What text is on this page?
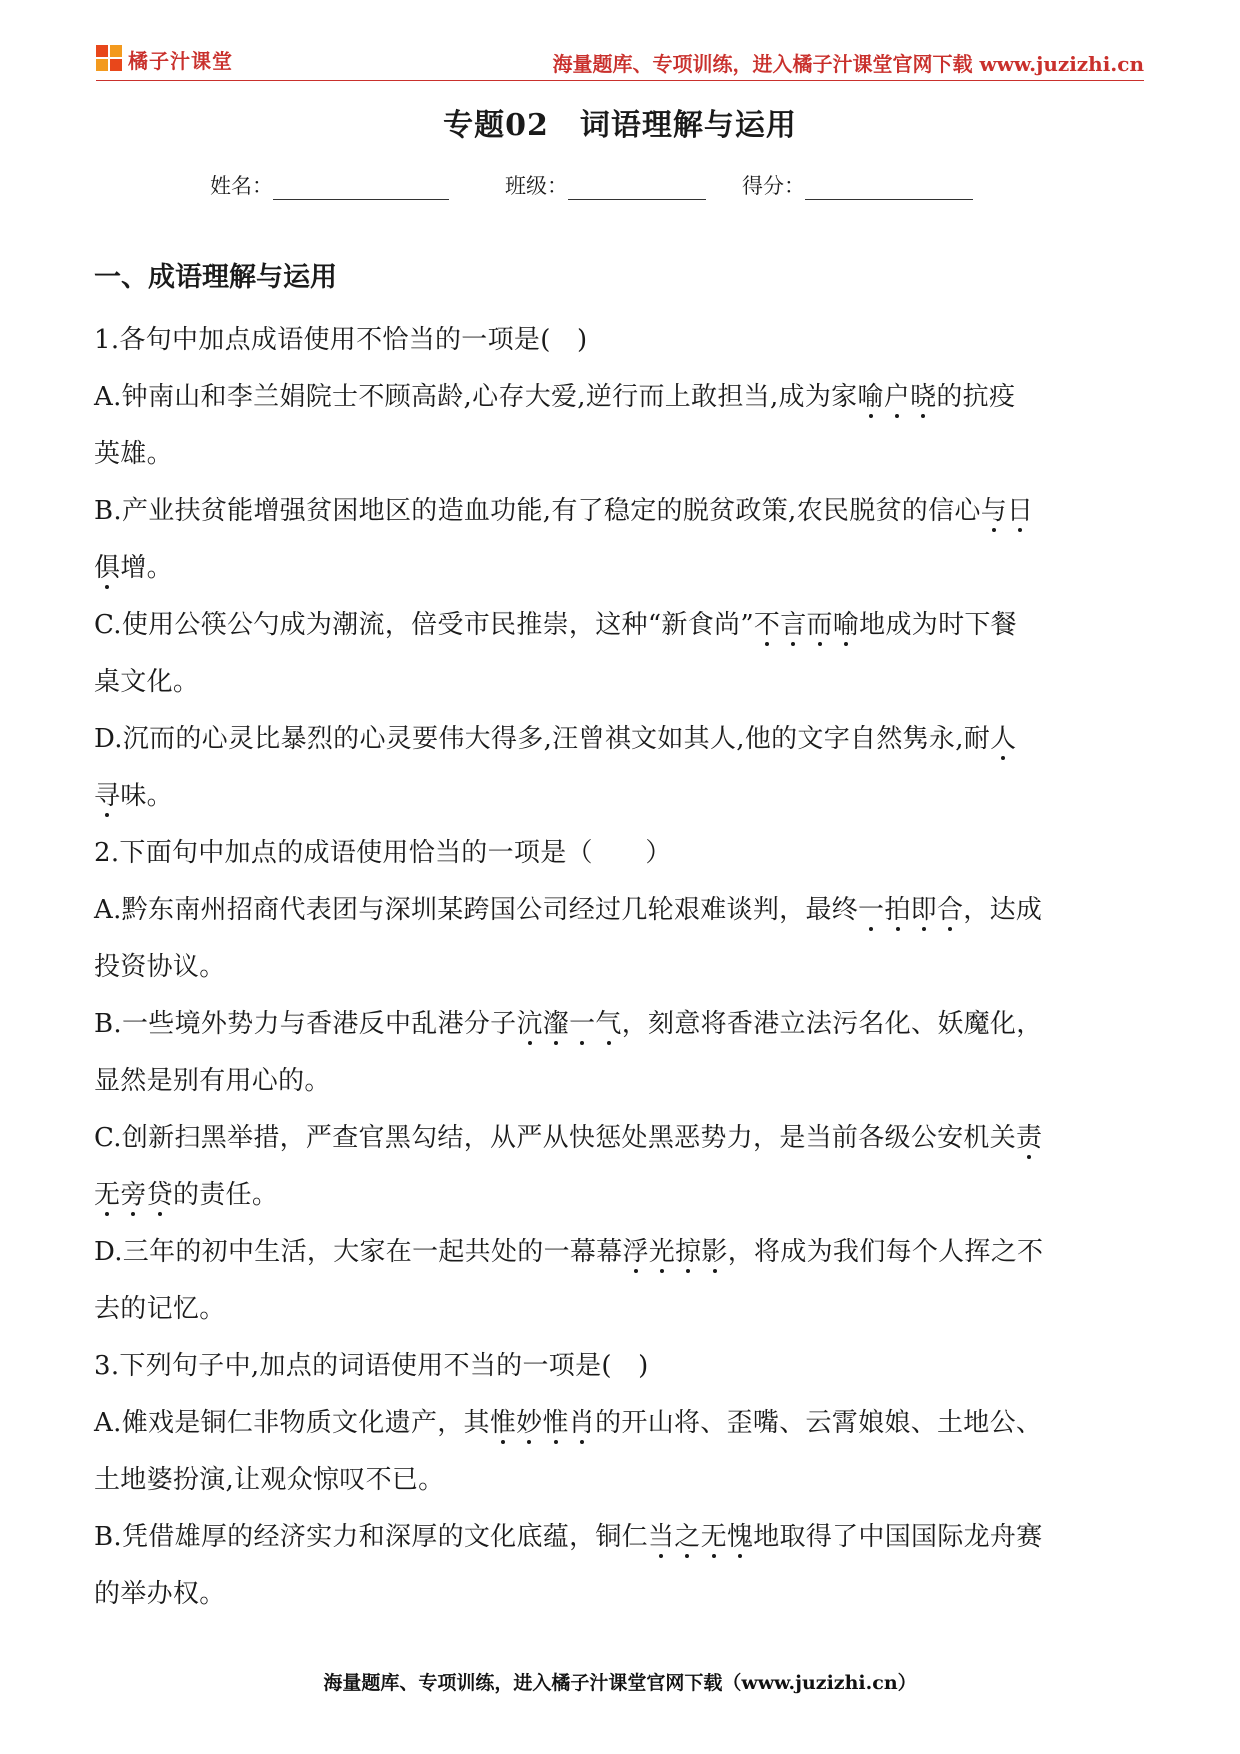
橘子汁课堂	海量题库、专项训练，进入橘子汁课堂官网下载 www.juzizhi.cn
专题02　词语理解与运用
姓名：	班级：	得分：
一、成语理解与运用
1.各句中加点成语使用不恰当的一项是(　)
A.钟南山和李兰娟院士不顾高龄,心存大爱,逆行而上敢担当,成为家喻户晓的抗疫
英雄。
B.产业扶贫能增强贫困地区的造血功能,有了稳定的脱贫政策,农民脱贫的信心与日
俱增。
C.使用公筷公勺成为潮流，倍受市民推崇，这种“新食尚”不言而喻地成为时下餐
桌文化。
D.沉而的心灵比暴烈的心灵要伟大得多,汪曾祺文如其人,他的文字自然隽永,耐人
寻味。
2.下面句中加点的成语使用恰当的一项是（　　）
A.黔东南州招商代表团与深圳某跨国公司经过几轮艰难谈判，最终一拍即合，达成
投资协议。
B.一些境外势力与香港反中乱港分子沆瀣一气，刻意将香港立法污名化、妖魔化，
显然是别有用心的。
C.创新扫黑举措，严查官黑勾结，从严从快惩处黑恶势力，是当前各级公安机关责
无旁贷的责任。
D.三年的初中生活，大家在一起共处的一幕幕浮光掠影，将成为我们每个人挥之不
去的记忆。
3.下列句子中,加点的词语使用不当的一项是(　)
A.傩戏是铜仁非物质文化遗产，其惟妙惟肖的开山将、歪嘴、云霄娘娘、土地公、
土地婆扮演,让观众惊叹不已。
B.凭借雄厚的经济实力和深厚的文化底蕴，铜仁当之无愧地取得了中国国际龙舟赛
的举办权。
海量题库、专项训练，进入橘子汁课堂官网下载（www.juzizhi.cn）
